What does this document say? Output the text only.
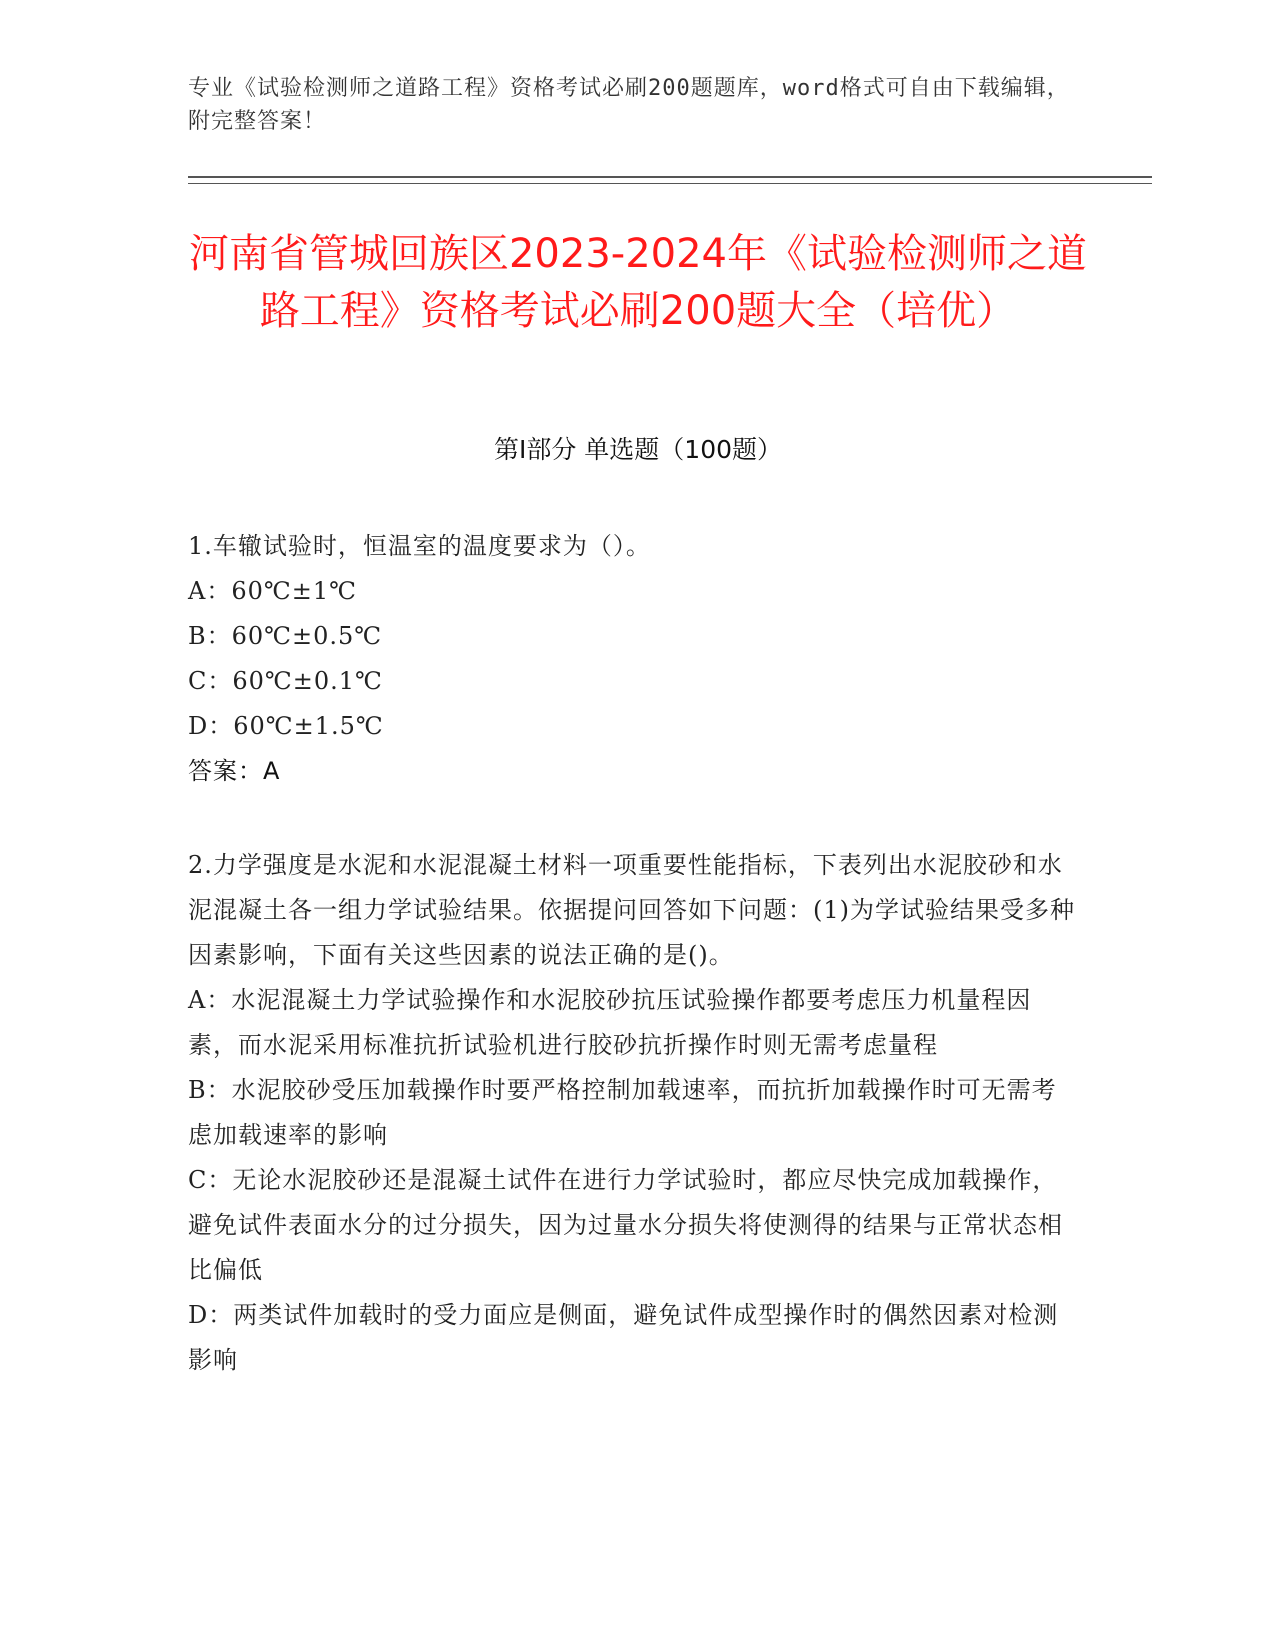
专业《试验检测师之道路工程》资格考试必刷200题题库，word格式可自由下载编辑，附完整答案！
河南省管城回族区2023-2024年《试验检测师之道路工程》资格考试必刷200题大全（培优）
第I部分 单选题（100题）

1.车辙试验时，恒温室的温度要求为（）。

A：60℃±1℃

B：60℃±0.5℃

C：60℃±0.1℃

D：60℃±1.5℃

答案：A

2.力学强度是水泥和水泥混凝土材料一项重要性能指标，下表列出水泥胶砂和水泥混凝土各一组力学试验结果。依据提问回答如下问题：(1)为学试验结果受多种因素影响，下面有关这些因素的说法正确的是()。

A：水泥混凝土力学试验操作和水泥胶砂抗压试验操作都要考虑压力机量程因素，而水泥采用标准抗折试验机进行胶砂抗折操作时则无需考虑量程

B：水泥胶砂受压加载操作时要严格控制加载速率，而抗折加载操作时可无需考虑加载速率的影响

C：无论水泥胶砂还是混凝土试件在进行力学试验时，都应尽快完成加载操作，避免试件表面水分的过分损失，因为过量水分损失将使测得的结果与正常状态相比偏低

D：两类试件加载时的受力面应是侧面，避免试件成型操作时的偶然因素对检测影响
